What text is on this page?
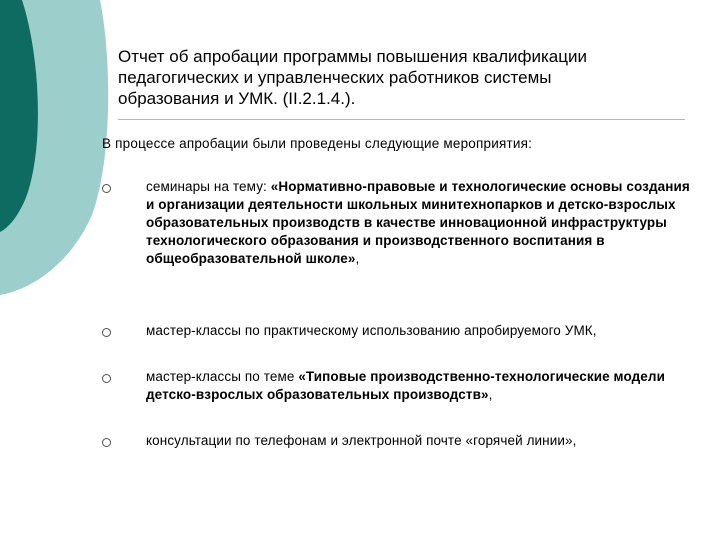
Отчет об апробации программы повышения квалификации
педагогических и управленческих работников системы
образования и УМК. (II.2.1.4.).
В процессе апробации были проведены следующие мероприятия:
семинары на тему: «Нормативно-правовые и технологические основы создания и организации деятельности школьных минитехнопарков и детско-взрослых образовательных производств в качестве инновационной инфраструктуры технологического образования и производственного воспитания в общеобразовательной школе»,
мастер-классы по практическому использованию апробируемого УМК,
мастер-классы по теме «Типовые производственно-технологические модели детско-взрослых образовательных производств»,
консультации по телефонам и электронной почте «горячей линии»,
